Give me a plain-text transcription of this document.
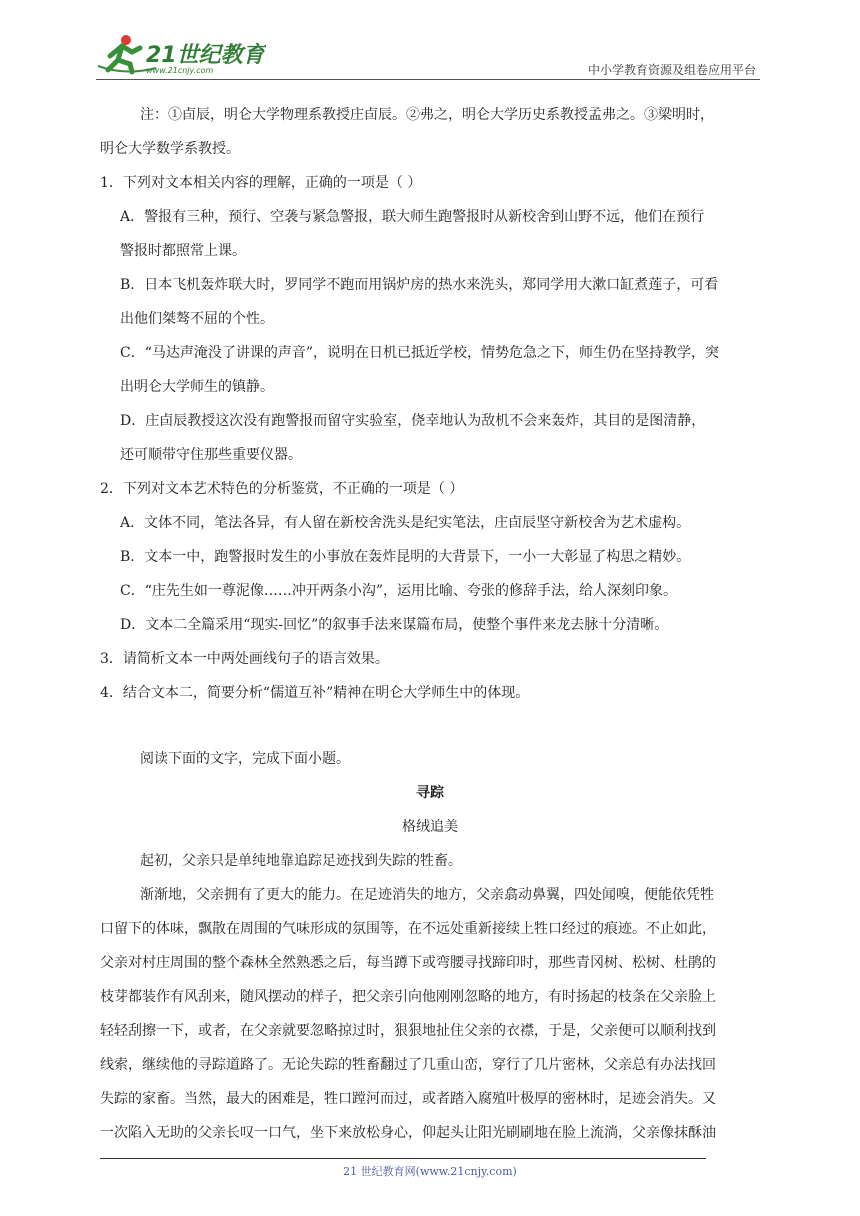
21世纪教育
www.21cnjy.com	中小学教育资源及组卷应用平台

注：①卣辰，明仑大学物理系教授庄卣辰。②弗之，明仑大学历史系教授孟弗之。③梁明时，

明仑大学数学系教授。

1．下列对文本相关内容的理解，正确的一项是（ ）

A．警报有三种，预行、空袭与紧急警报，联大师生跑警报时从新校舍到山野不远，他们在预行

警报时都照常上课。

B．日本飞机轰炸联大时，罗同学不跑而用锅炉房的热水来洗头，郑同学用大漱口缸煮莲子，可看

出他们桀骜不屈的个性。

C．“马达声淹没了讲课的声音”，说明在日机已抵近学校，情势危急之下，师生仍在坚持教学，突

出明仑大学师生的镇静。

D．庄卣辰教授这次没有跑警报而留守实验室，侥幸地认为敌机不会来轰炸，其目的是图清静，

还可顺带守住那些重要仪器。

2．下列对文本艺术特色的分析鉴赏，不正确的一项是（ ）

A．文体不同，笔法各异，有人留在新校舍洗头是纪实笔法，庄卣辰坚守新校舍为艺术虚构。

B．文本一中，跑警报时发生的小事放在轰炸昆明的大背景下，一小一大彰显了构思之精妙。

C．“庄先生如一尊泥像……冲开两条小沟”，运用比喻、夸张的修辞手法，给人深刻印象。

D．文本二全篇采用“现实-回忆”的叙事手法来谋篇布局，使整个事件来龙去脉十分清晰。

3．请简析文本一中两处画线句子的语言效果。

4．结合文本二，简要分析“儒道互补”精神在明仑大学师生中的体现。

阅读下面的文字，完成下面小题。

寻踪

格绒追美

起初，父亲只是单纯地靠追踪足迹找到失踪的牲畜。

渐渐地，父亲拥有了更大的能力。在足迹消失的地方，父亲翕动鼻翼，四处闻嗅，便能依凭牲

口留下的体味，飘散在周围的气味形成的氛围等，在不远处重新接续上牲口经过的痕迹。不止如此，

父亲对村庄周围的整个森林全然熟悉之后，每当蹲下或弯腰寻找蹄印时，那些青冈树、松树、杜鹃的

枝芽都装作有风刮来，随风摆动的样子，把父亲引向他刚刚忽略的地方，有时扬起的枝条在父亲脸上

轻轻刮擦一下，或者，在父亲就要忽略掠过时，狠狠地扯住父亲的衣襟，于是，父亲便可以顺利找到

线索，继续他的寻踪道路了。无论失踪的牲畜翻过了几重山峦，穿行了几片密林，父亲总有办法找回

失踪的家畜。当然，最大的困难是，牲口蹚河而过，或者踏入腐殖叶极厚的密林时，足迹会消失。又

一次陷入无助的父亲长叹一口气，坐下来放松身心，仰起头让阳光刷刷地在脸上流淌，父亲像抹酥油

21 世纪教育网(www.21cnjy.com)
